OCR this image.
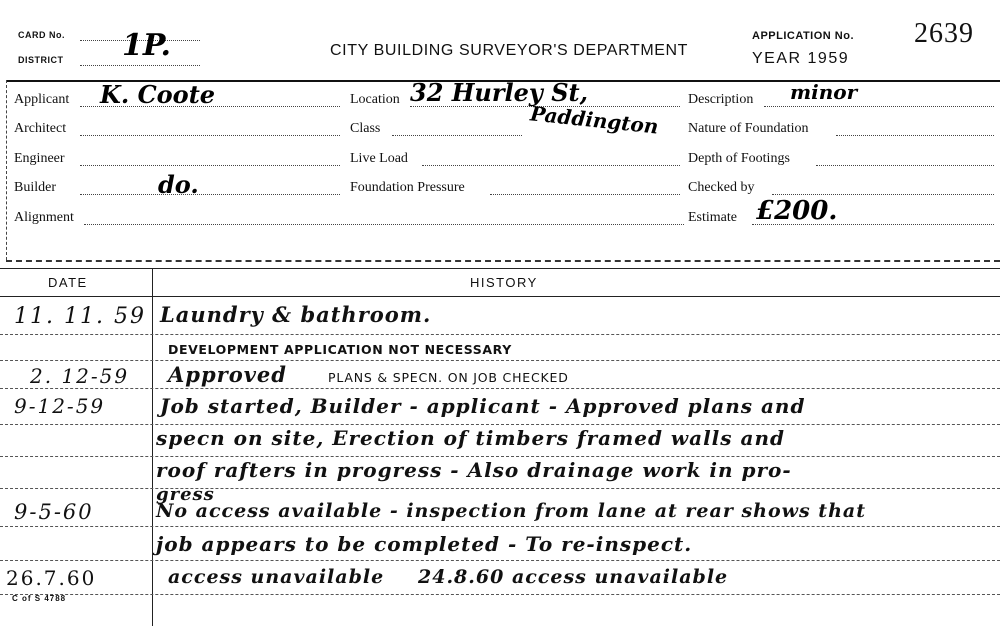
CARD No.
DISTRICT 1P.	CITY BUILDING SURVEYOR'S DEPARTMENT
APPLICATION No. 2639
YEAR 1959
Applicant K. Coote
Architect
Engineer
Builder	do.
Alignment
Location 32 Hurley St,
Paddington
Class
Live Load
Foundation Pressure
Description minor
Nature of Foundation
Depth of Footings
Checked by
Estimate £200.
DATE	HISTORY
11. 11. 59 Laundry & bathroom.
DEVELOPMENT APPLICATION NOT NECESSARY
2. 12-59 Approved	PLANS & SPECN. ON JOB CHECKED
9-12-59	Job started, Builder - applicant - Approved plans and
specn on site, Erection of timbers framed walls and
roof rafters in progress - Also drainage work in pro-
gress
9-5-60	No access available - inspection from lane at rear shows that
job appears to be completed - To re-inspect.
26.7.60	access unavailable 24.8.60 access unavailable
C of S 4788
